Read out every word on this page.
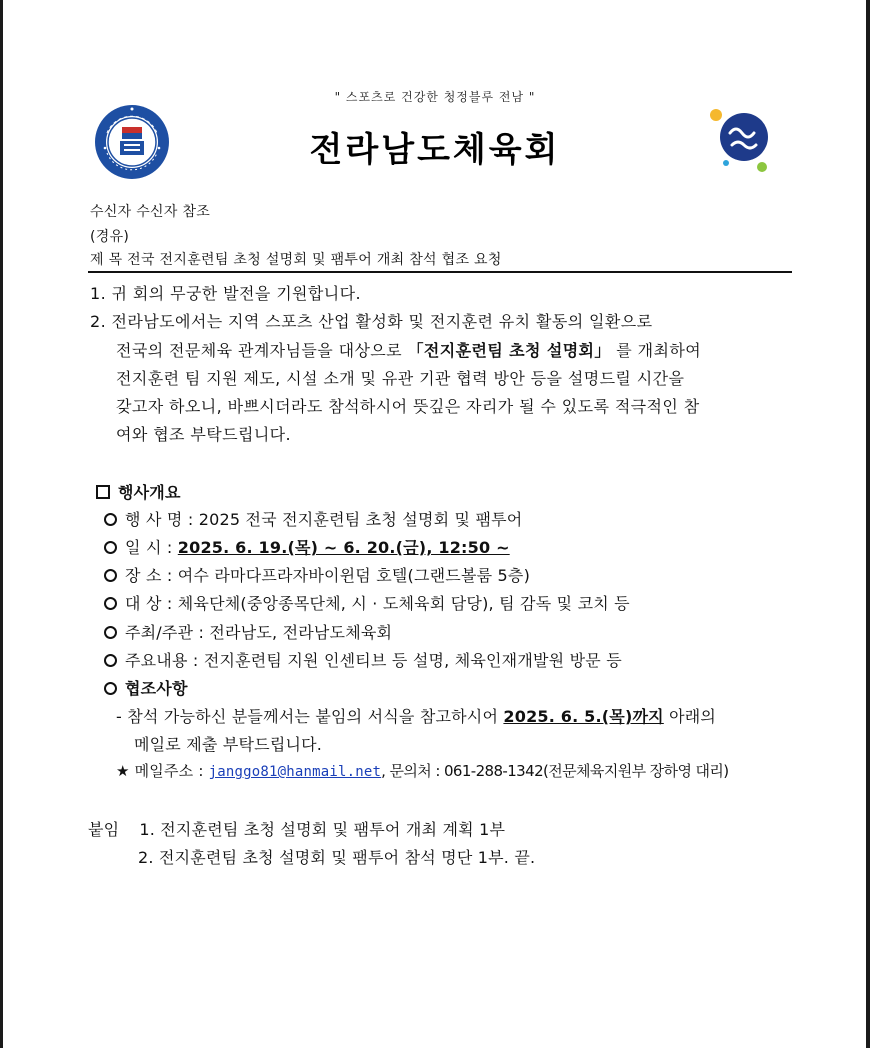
" 스포츠로 건강한 청정블루 전남 "
전라남도체육회
수신자 수신자 참조
(경유)
제 목 전국 전지훈련팀 초청 설명회 및 팸투어 개최 참석 협조 요청
1. 귀 회의 무궁한 발전을 기원합니다.
2. 전라남도에서는 지역 스포츠 산업 활성화 및 전지훈련 유치 활동의 일환으로
전국의 전문체육 관계자님들을 대상으로 「전지훈련팀 초청 설명회」 를 개최하여
전지훈련 팀 지원 제도, 시설 소개 및 유관 기관 협력 방안 등을 설명드릴 시간을
갖고자 하오니, 바쁘시더라도 참석하시어 뜻깊은 자리가 될 수 있도록 적극적인 참
여와 협조 부탁드립니다.
행사개요
행 사 명 : 2025 전국 전지훈련팀 초청 설명회 및 팸투어
일 시 : 2025. 6. 19.(목) ~ 6. 20.(금), 12:50 ~
장 소 : 여수 라마다프라자바이윈덤 호텔(그랜드볼룸 5층)
대 상 : 체육단체(중앙종목단체, 시 · 도체육회 담당), 팀 감독 및 코치 등
주최/주관 : 전라남도, 전라남도체육회
주요내용 : 전지훈련팀 지원 인센티브 등 설명, 체육인재개발원 방문 등
협조사항
- 참석 가능하신 분들께서는 붙임의 서식을 참고하시어 2025. 6. 5.(목)까지 아래의
메일로 제출 부탁드립니다.
★ 메일주소 : janggo81@hanmail.net, 문의처 : 061-288-1342(전문체육지원부 장하영 대리)
붙임 1. 전지훈련팀 초청 설명회 및 팸투어 개최 계획 1부
2. 전지훈련팀 초청 설명회 및 팸투어 참석 명단 1부. 끝.
